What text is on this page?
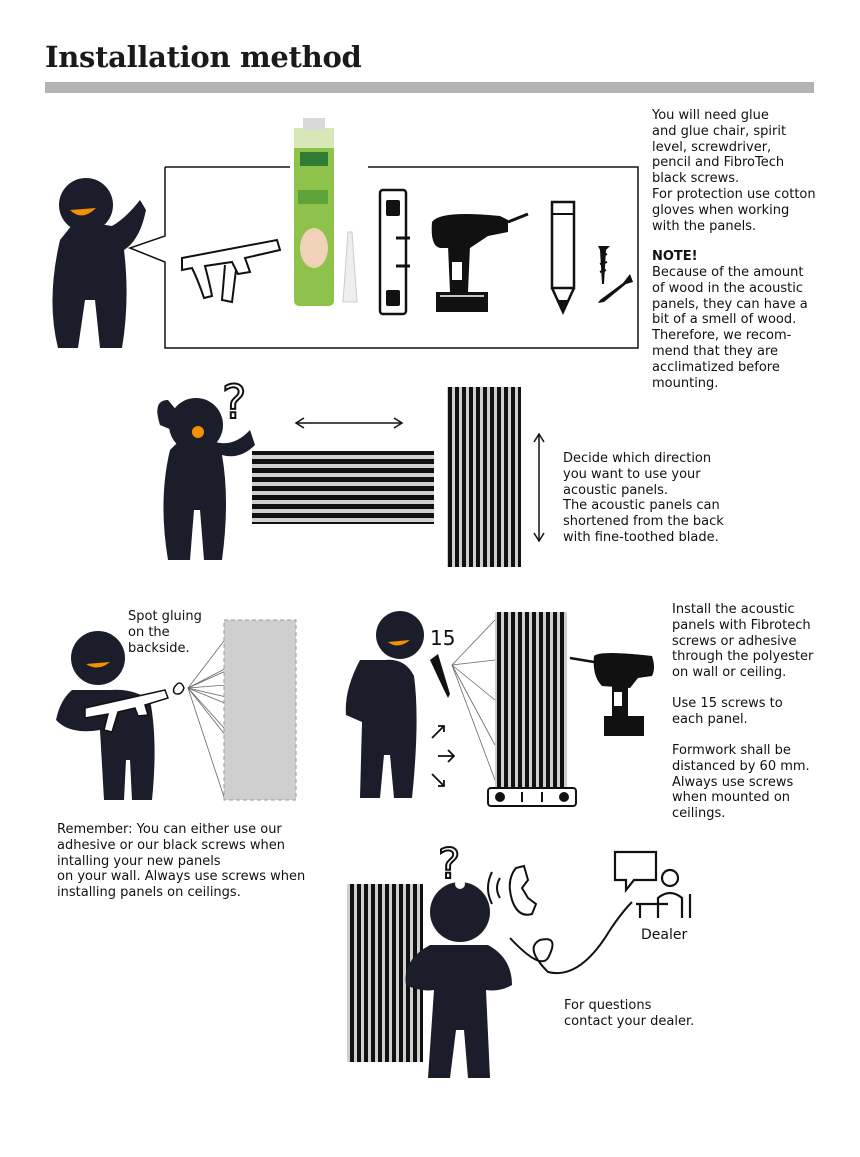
Installation method
?
15
?
You will need glue
and glue chair, spirit
level, screwdriver,
pencil and FibroTech
black screws.
For protection use cotton
gloves when working
with the panels.
NOTE!
Because of the amount
of wood in the acoustic
panels, they can have a
bit of a smell of wood.
Therefore, we recom-
mend that they are
acclimatized before
mounting.
Decide which direction
you want to use your
acoustic panels.
The acoustic panels can
shortened from the back
with fine-toothed blade.
Spot gluing
on the
backside.
Remember: You can either use our
adhesive or our black screws when
intalling your new panels
on your wall. Always use screws when
installing panels on ceilings.
Install the acoustic
panels with Fibrotech
screws or adhesive
through the polyester
on wall or ceiling.
Use 15 screws to
each panel.
Formwork shall be
distanced by 60 mm.
Always use screws
when mounted on
ceilings.
Dealer
For questions
contact your dealer.
